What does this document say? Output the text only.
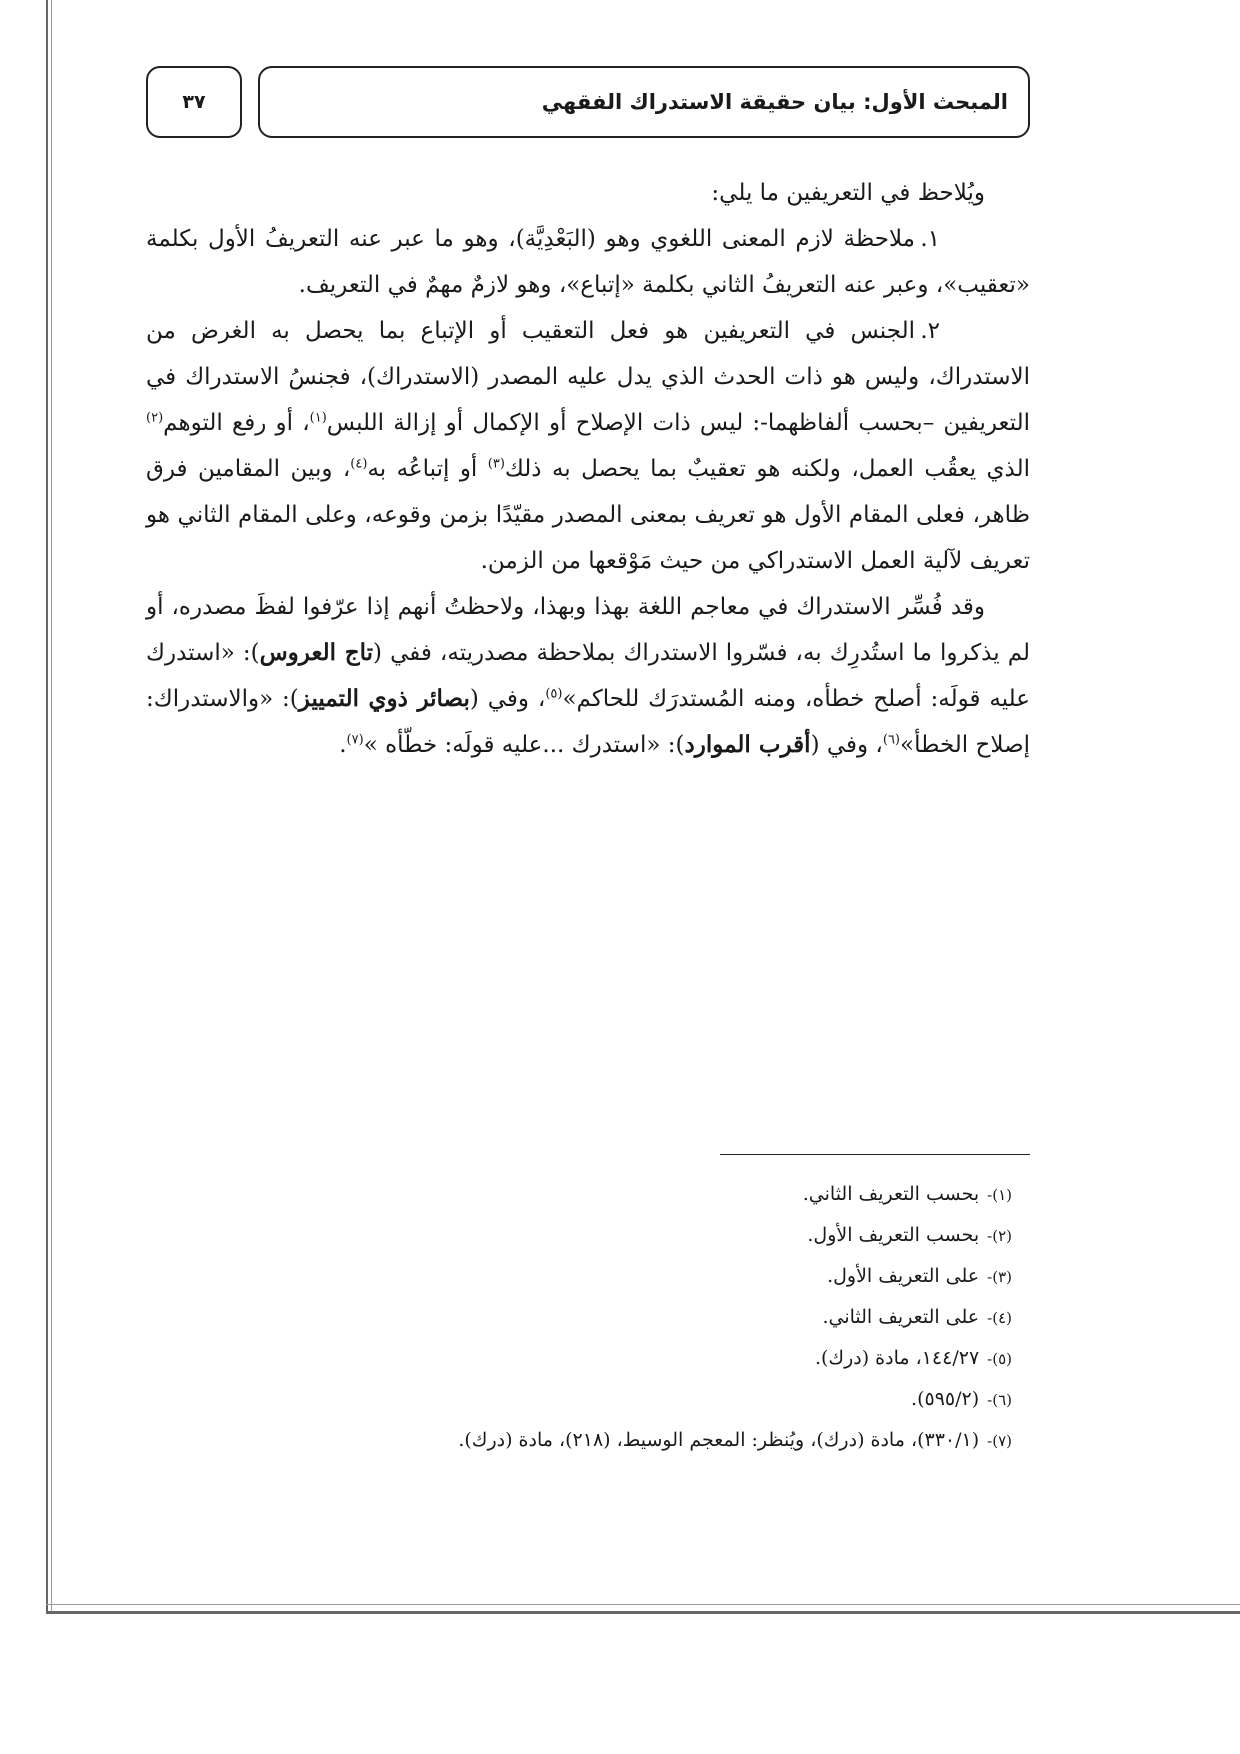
المبحث الأول: بيان حقيقة الاستدراك الفقهي
٣٧

ويُلاحظ في التعريفين ما يلي:

١.ملاحظة لازم المعنى اللغوي وهو (البَعْدِيَّة)، وهو ما عبر عنه التعريفُ الأول بكلمة «تعقيب»، وعبر عنه التعريفُ الثاني بكلمة «إتباع»، وهو لازمٌ مهمٌ في التعريف.

٢.الجنس في التعريفين هو فعل التعقيب أو الإتباع بما يحصل به الغرض من الاستدراك، وليس هو ذات الحدث الذي يدل عليه المصدر (الاستدراك)، فجنسُ الاستدراك في التعريفين –بحسب ألفاظهما-: ليس ذات الإصلاح أو الإكمال أو إزالة اللبس$^{(١)}$، أو رفع التوهم$^{(٢)}$ الذي يعقُب العمل، ولكنه هو تعقيبٌ بما يحصل به ذلك$^{(٣)}$ أو إتباعُه به$^{(٤)}$، وبين المقامين فرق ظاهر، فعلى المقام الأول هو تعريف بمعنى المصدر مقيّدًا بزمن وقوعه، وعلى المقام الثاني هو تعريف لآلية العمل الاستدراكي من حيث مَوْقعها من الزمن.

وقد فُسِّر الاستدراك في معاجم اللغة بهذا وبهذا، ولاحظتُ أنهم إذا عرّفوا لفظَ مصدره، أو لم يذكروا ما استُدرِك به، فسّروا الاستدراك بملاحظة مصدريته، ففي (تاج العروس): «استدرك عليه قولَه: أصلح خطأه، ومنه المُستدرَك للحاكم»$^{(٥)}$، وفي (بصائر ذوي التمييز): «والاستدراك: إصلاح الخطأ»$^{(٦)}$، وفي (أقرب الموارد): «استدرك ...عليه قولَه: خطّأه »$^{(٧)}$.

(١)-
بحسب التعريف الثاني.
(٢)-
بحسب التعريف الأول.
(٣)-
على التعريف الأول.
(٤)-
على التعريف الثاني.
(٥)-
١٤٤/٢٧، مادة (درك).
(٦)-
(٥٩٥/٢).
(٧)-
(٣٣٠/١)، مادة (درك)، ويُنظر: المعجم الوسيط، (٢١٨)، مادة (درك).
